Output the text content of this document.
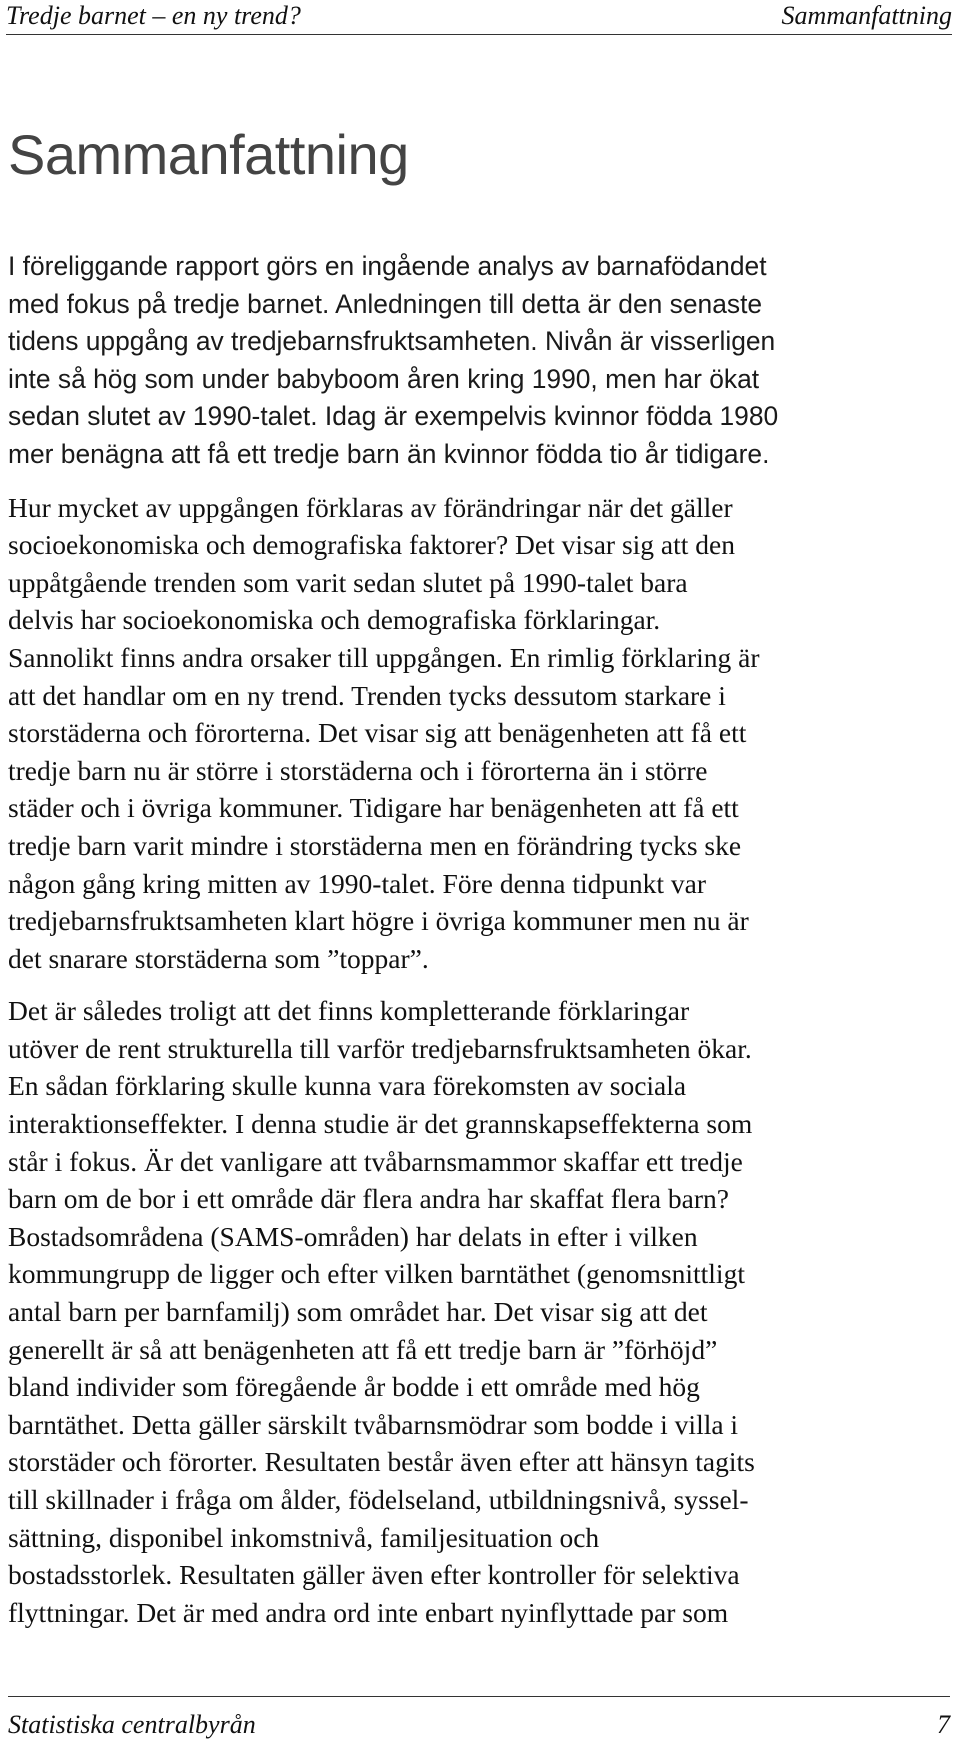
Tredje barnet – en ny trend?	Sammanfattning
Sammanfattning

I föreliggande rapport görs en ingående analys av barnafödandet
med fokus på tredje barnet. Anledningen till detta är den senaste
tidens uppgång av tredjebarnsfruktsamheten. Nivån är visserligen
inte så hög som under babyboom åren kring 1990, men har ökat
sedan slutet av 1990-talet. Idag är exempelvis kvinnor födda 1980
mer benägna att få ett tredje barn än kvinnor födda tio år tidigare.

Hur mycket av uppgången förklaras av förändringar när det gäller
socioekonomiska och demografiska faktorer? Det visar sig att den
uppåtgående trenden som varit sedan slutet på 1990-talet bara
delvis har socioekonomiska och demografiska förklaringar.
Sannolikt finns andra orsaker till uppgången. En rimlig förklaring är
att det handlar om en ny trend. Trenden tycks dessutom starkare i
storstäderna och förorterna. Det visar sig att benägenheten att få ett
tredje barn nu är större i storstäderna och i förorterna än i större
städer och i övriga kommuner. Tidigare har benägenheten att få ett
tredje barn varit mindre i storstäderna men en förändring tycks ske
någon gång kring mitten av 1990-talet. Före denna tidpunkt var
tredjebarnsfruktsamheten klart högre i övriga kommuner men nu är
det snarare storstäderna som ”toppar”.

Det är således troligt att det finns kompletterande förklaringar
utöver de rent strukturella till varför tredjebarnsfruktsamheten ökar.
En sådan förklaring skulle kunna vara förekomsten av sociala
interaktionseffekter. I denna studie är det grannskapseffekterna som
står i fokus. Är det vanligare att tvåbarnsmammor skaffar ett tredje
barn om de bor i ett område där flera andra har skaffat flera barn?
Bostadsområdena (SAMS-områden) har delats in efter i vilken
kommungrupp de ligger och efter vilken barntäthet (genomsnittligt
antal barn per barnfamilj) som området har. Det visar sig att det
generellt är så att benägenheten att få ett tredje barn är ”förhöjd”
bland individer som föregående år bodde i ett område med hög
barntäthet. Detta gäller särskilt tvåbarnsmödrar som bodde i villa i
storstäder och förorter. Resultaten består även efter att hänsyn tagits
till skillnader i fråga om ålder, födelseland, utbildningsnivå, syssel-
sättning, disponibel inkomstnivå, familjesituation och
bostadsstorlek. Resultaten gäller även efter kontroller för selektiva
flyttningar. Det är med andra ord inte enbart nyinflyttade par som

Statistiska centralbyrån	7
